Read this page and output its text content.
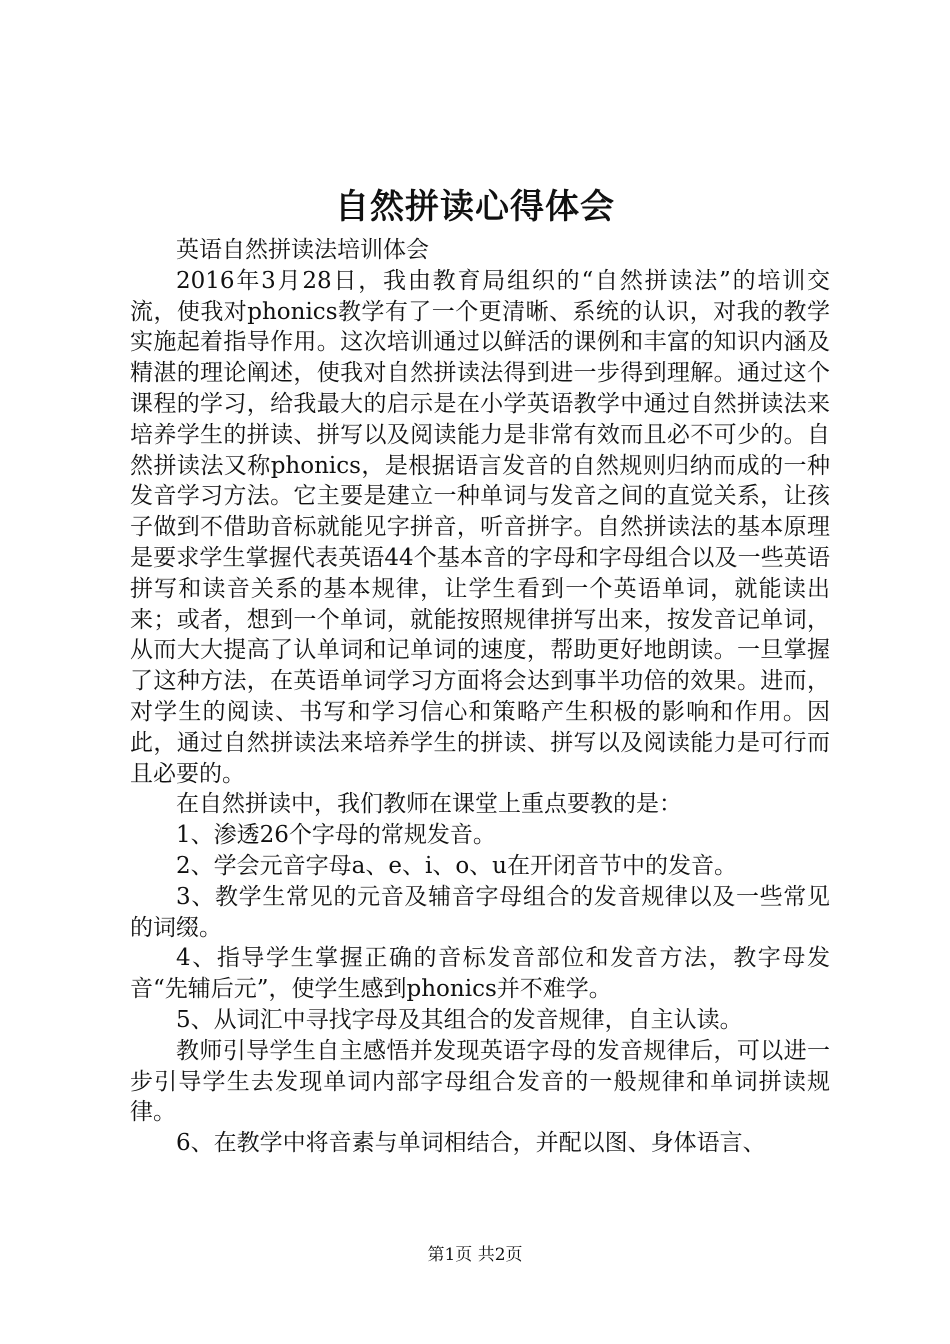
自然拼读心得体会

英语自然拼读法培训体会

2016年3月28日，我由教育局组织的“自然拼读法”的培训交流，使我对phonics教学有了一个更清晰、系统的认识，对我的教学实施起着指导作用。这次培训通过以鲜活的课例和丰富的知识内涵及精湛的理论阐述，使我对自然拼读法得到进一步得到理解。通过这个课程的学习，给我最大的启示是在小学英语教学中通过自然拼读法来培养学生的拼读、拼写以及阅读能力是非常有效而且必不可少的。自然拼读法又称phonics，是根据语言发音的自然规则归纳而成的一种发音学习方法。它主要是建立一种单词与发音之间的直觉关系，让孩子做到不借助音标就能见字拼音，听音拼字。自然拼读法的基本原理是要求学生掌握代表英语44个基本音的字母和字母组合以及一些英语拼写和读音关系的基本规律，让学生看到一个英语单词，就能读出来；或者，想到一个单词，就能按照规律拼写出来，按发音记单词，从而大大提高了认单词和记单词的速度，帮助更好地朗读。一旦掌握了这种方法，在英语单词学习方面将会达到事半功倍的效果。进而，对学生的阅读、书写和学习信心和策略产生积极的影响和作用。因此，通过自然拼读法来培养学生的拼读、拼写以及阅读能力是可行而且必要的。

在自然拼读中，我们教师在课堂上重点要教的是：

1、渗透26个字母的常规发音。

2、学会元音字母a、e、i、o、u在开闭音节中的发音。

3、教学生常见的元音及辅音字母组合的发音规律以及一些常见的词缀。

4、指导学生掌握正确的音标发音部位和发音方法，教字母发音“先辅后元”，使学生感到phonics并不难学。

5、从词汇中寻找字母及其组合的发音规律，自主认读。

教师引导学生自主感悟并发现英语字母的发音规律后，可以进一步引导学生去发现单词内部字母组合发音的一般规律和单词拼读规律。

6、在教学中将音素与单词相结合，并配以图、身体语言、

第1页 共2页
